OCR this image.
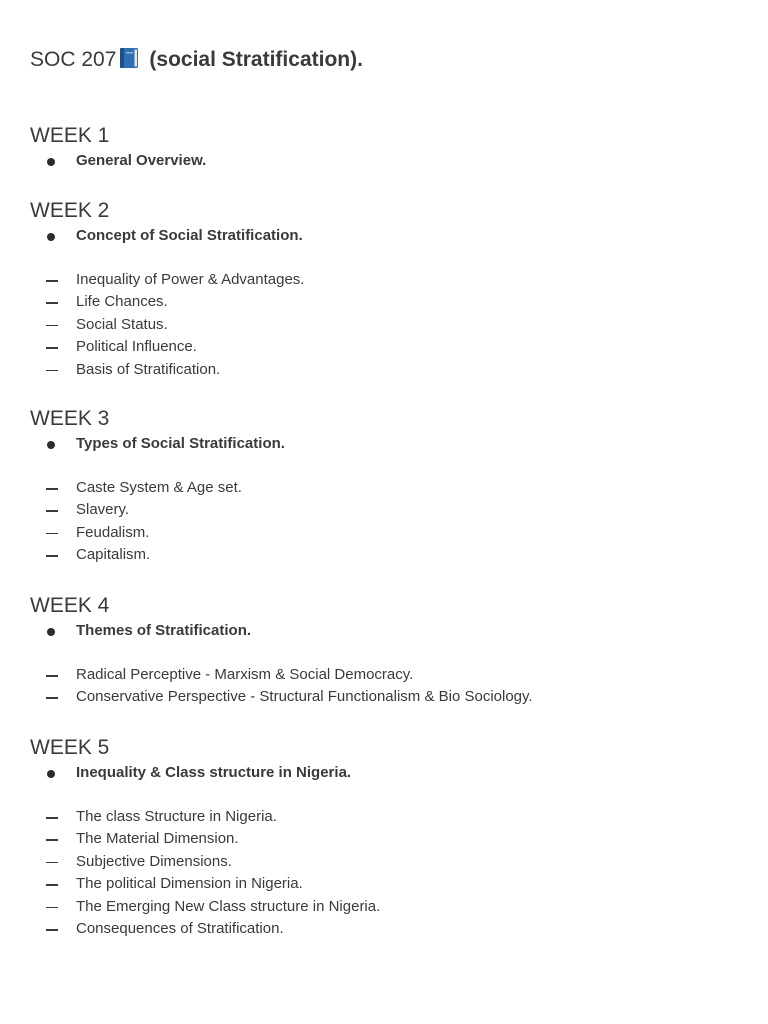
SOC 207 (social Stratification).
WEEK 1
General Overview.
WEEK 2
Concept of Social Stratification.
Inequality of Power & Advantages.
Life Chances.
Social Status.
Political Influence.
Basis of Stratification.
WEEK 3
Types of Social Stratification.
Caste System & Age set.
Slavery.
Feudalism.
Capitalism.
WEEK 4
Themes of Stratification.
Radical Perceptive - Marxism & Social Democracy.
Conservative Perspective - Structural Functionalism & Bio Sociology.
WEEK 5
Inequality & Class structure in Nigeria.
The class Structure in Nigeria.
The Material Dimension.
Subjective Dimensions.
The political Dimension in Nigeria.
The Emerging New Class structure in Nigeria.
Consequences of Stratification.
